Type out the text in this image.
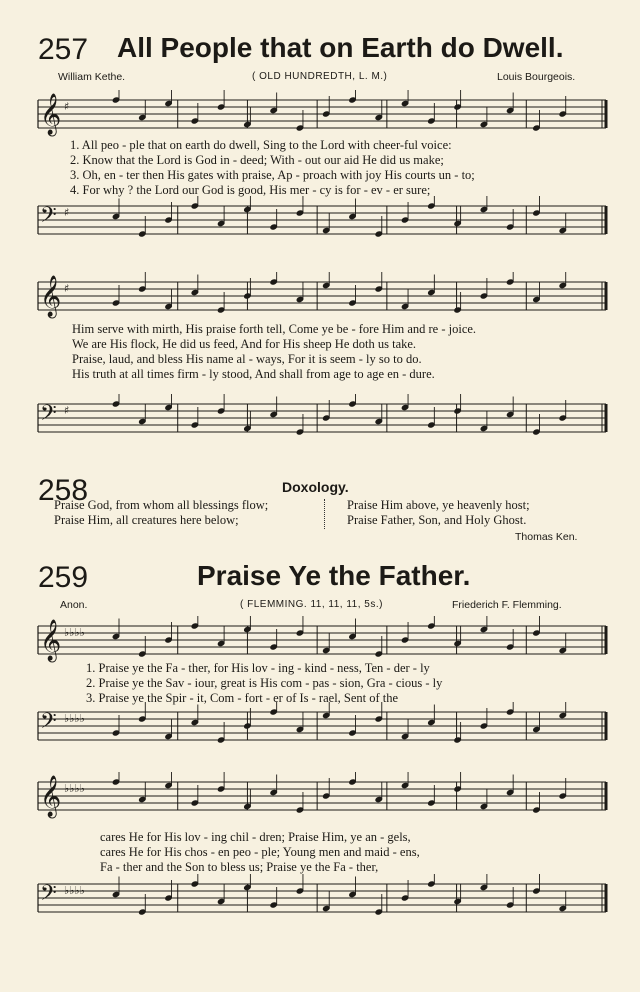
257 All People that on Earth do Dwell.
William Kethe.	( OLD HUNDREDTH, L. M.)	Louis Bourgeois.
𝄞 ♯
1. All peo - ple that on earth do dwell, Sing to the Lord with cheer-ful voice:
2. Know that the Lord is God in - deed; With - out our aid He did us make;
3. Oh, en - ter then His gates with praise, Ap - proach with joy His courts un - to;
4. For why ? the Lord our God is good, His mer - cy is for - ev - er sure;
𝄢 ♯
𝄞 ♯
Him serve with mirth, His praise forth tell, Come ye be - fore Him and re - joice.
We are His flock, He did us feed, And for His sheep He doth us take.
Praise, laud, and bless His name al - ways, For it is seem - ly so to do.
His truth at all times firm - ly stood, And shall from age to age en - dure.
𝄢 ♯
258	Doxology.
Praise God, from whom all blessings flow;
Praise Him, all creatures here below;
Praise Him above, ye heavenly host;
Praise Father, Son, and Holy Ghost.
Thomas Ken.
259	Praise Ye the Father.
Anon.	( FLEMMING. 11, 11, 11, 5s.)	Friederich F. Flemming.
𝄞 ♭♭♭♭
1. Praise ye the Fa - ther, for His lov - ing - kind - ness, Ten - der - ly
2. Praise ye the Sav - iour, great is His com - pas - sion, Gra - cious - ly
3. Praise ye the Spir - it, Com - fort - er of Is - rael, Sent of the
𝄢 ♭♭♭♭
𝄞 ♭♭♭♭
cares He for His lov - ing chil - dren; Praise Him, ye an - gels,
cares He for His chos - en peo - ple; Young men and maid - ens,
Fa - ther and the Son to bless us; Praise ye the Fa - ther,
𝄢 ♭♭♭♭
